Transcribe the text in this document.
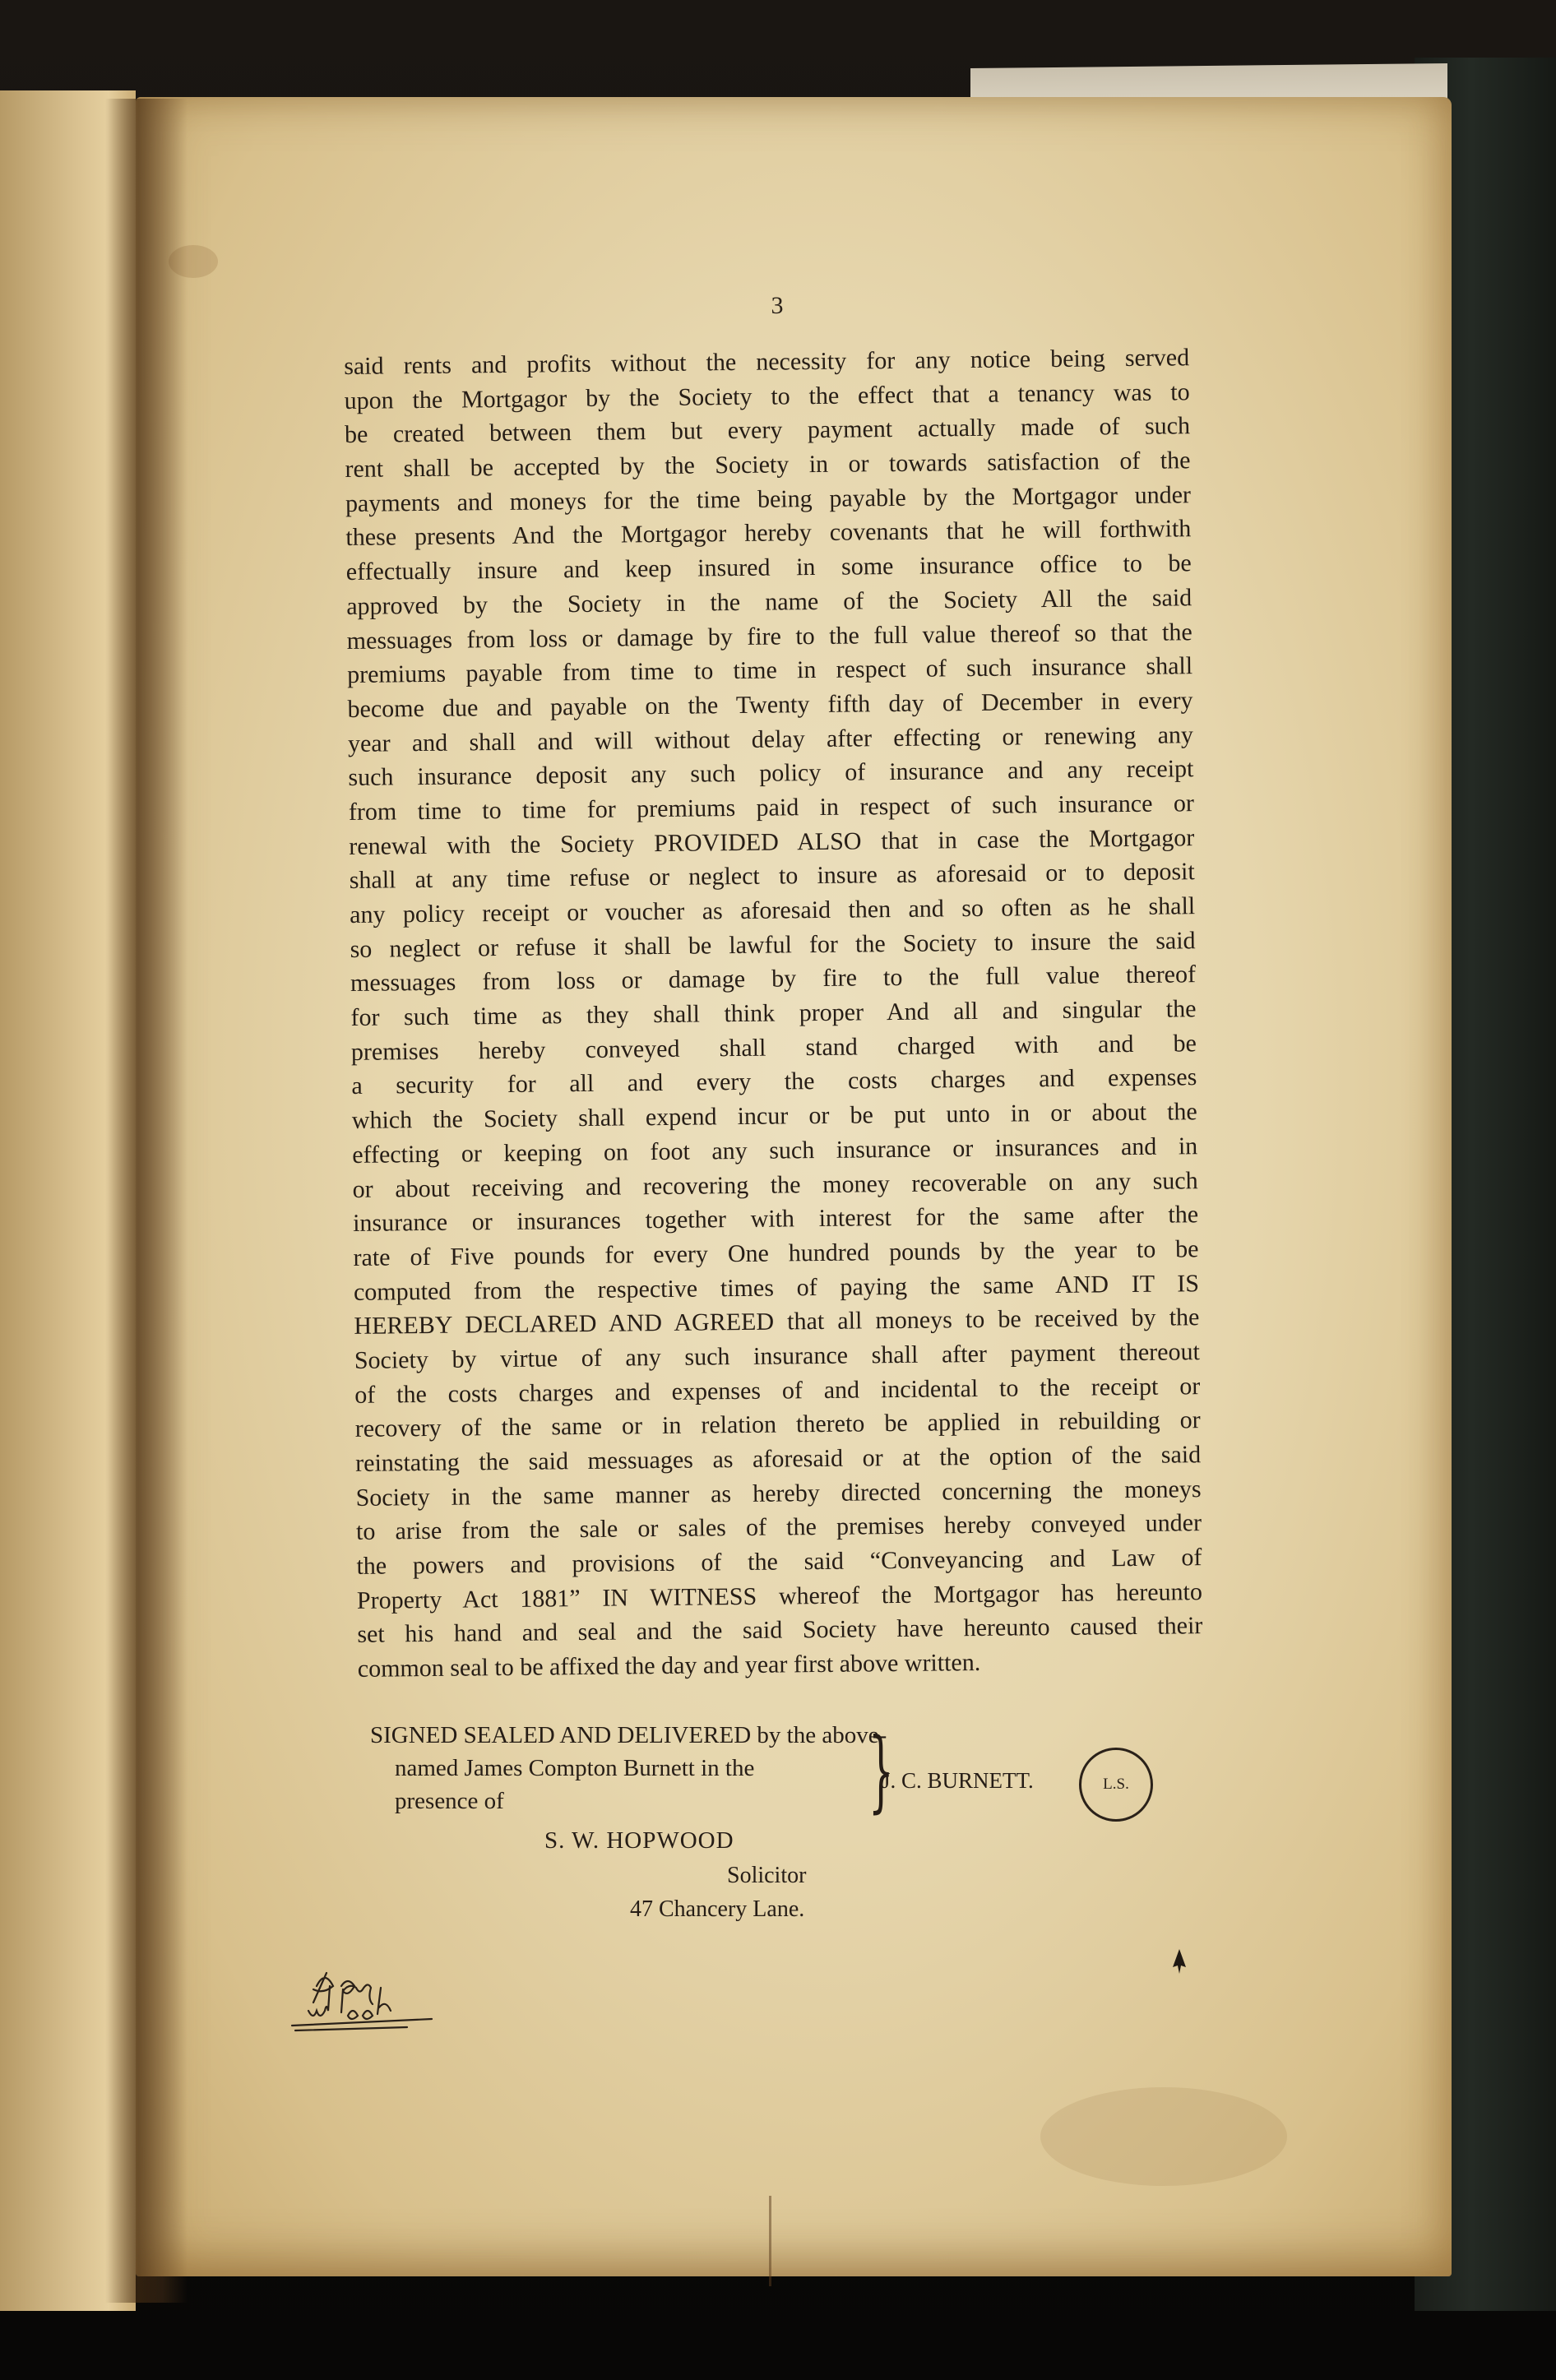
3
said rents and profits without the necessity for any notice being served
upon the Mortgagor by the Society to the effect that a tenancy was to
be created between them but every payment actually made of such
rent shall be accepted by the Society in or towards satisfaction of the
payments and moneys for the time being payable by the Mortgagor under
these presents And the Mortgagor hereby covenants that he will forthwith
effectually insure and keep insured in some insurance office to be
approved by the Society in the name of the Society All the said
messuages from loss or damage by fire to the full value thereof so that the
premiums payable from time to time in respect of such insurance shall
become due and payable on the Twenty fifth day of December in every
year and shall and will without delay after effecting or renewing any
such insurance deposit any such policy of insurance and any receipt
from time to time for premiums paid in respect of such insurance or
renewal with the Society PROVIDED ALSO that in case the Mortgagor
shall at any time refuse or neglect to insure as aforesaid or to deposit
any policy receipt or voucher as aforesaid then and so often as he shall
so neglect or refuse it shall be lawful for the Society to insure the said
messuages from loss or damage by fire to the full value thereof
for such time as they shall think proper And all and singular the
premises hereby conveyed shall stand charged with and be
a security for all and every the costs charges and expenses
which the Society shall expend incur or be put unto in or about the
effecting or keeping on foot any such insurance or insurances and in
or about receiving and recovering the money recoverable on any such
insurance or insurances together with interest for the same after the
rate of Five pounds for every One hundred pounds by the year to be
computed from the respective times of paying the same AND IT IS
HEREBY DECLARED AND AGREED that all moneys to be received by the
Society by virtue of any such insurance shall after payment thereout
of the costs charges and expenses of and incidental to the receipt or
recovery of the same or in relation thereto be applied in rebuilding or
reinstating the said messuages as aforesaid or at the option of the said
Society in the same manner as hereby directed concerning the moneys
to arise from the sale or sales of the premises hereby conveyed under
the powers and provisions of the said “Conveyancing and Law of
Property Act 1881” IN WITNESS whereof the Mortgagor has hereunto
set his hand and seal and the said Society have hereunto caused their
common seal to be affixed the day and year first above written.
SIGNED SEALED AND DELIVERED by the above-
named James Compton Burnett in the
presence of	}
J. C. BURNETT.	L.S.
S. W. HOPWOOD
Solicitor
47 Chancery Lane.
